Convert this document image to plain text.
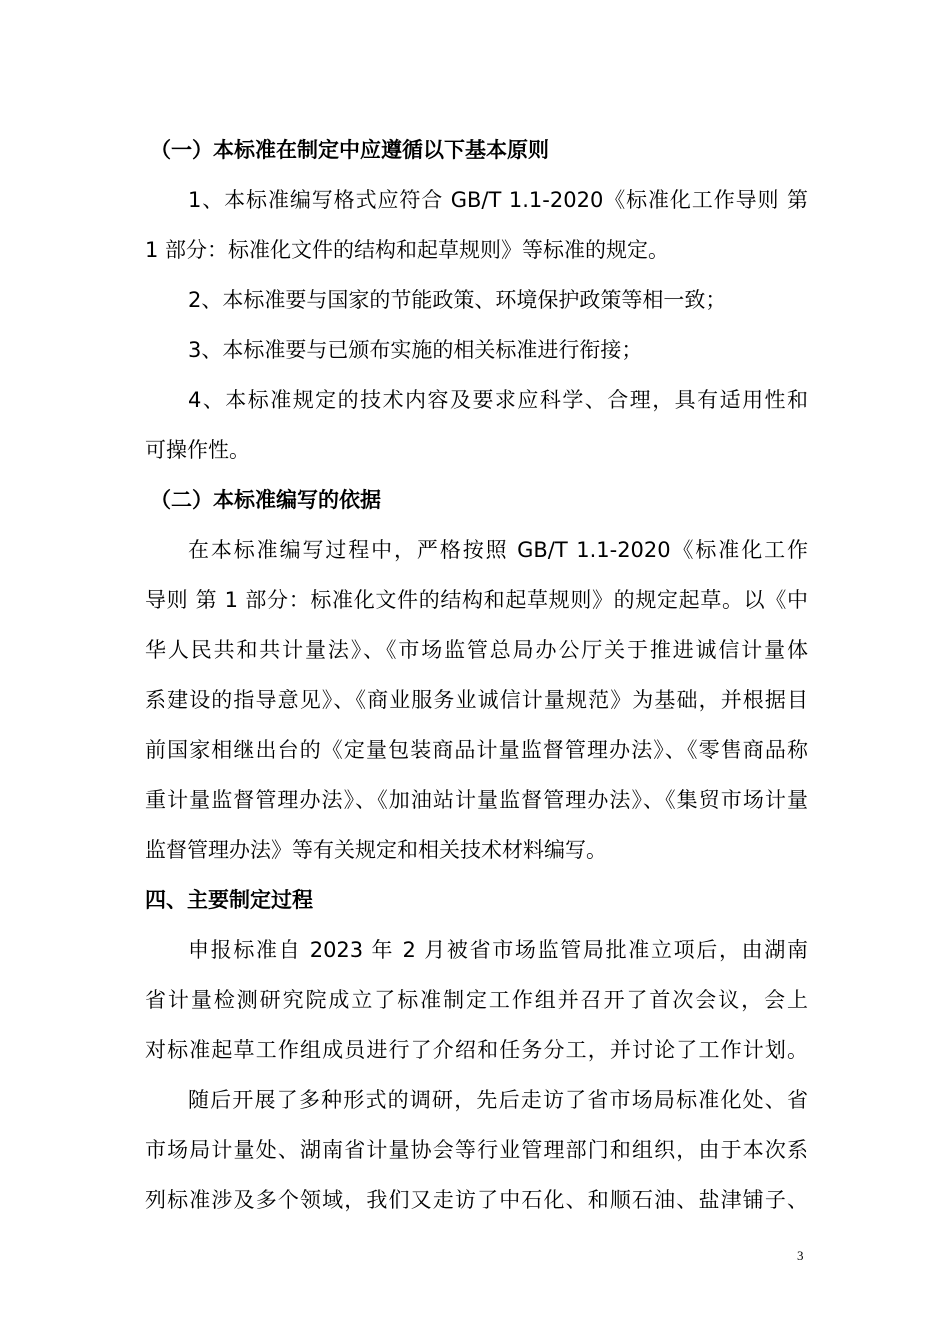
（一）本标准在制定中应遵循以下基本原则
1、本标准编写格式应符合 GB/T 1.1-2020《标准化工作导则 第
1 部分：标准化文件的结构和起草规则》等标准的规定。
2、本标准要与国家的节能政策、环境保护政策等相一致；
3、本标准要与已颁布实施的相关标准进行衔接；
4、本标准规定的技术内容及要求应科学、合理，具有适用性和
可操作性。
（二）本标准编写的依据
在本标准编写过程中，严格按照 GB/T 1.1-2020《标准化工作
导则 第 1 部分：标准化文件的结构和起草规则》的规定起草。以《中
华人民共和共计量法》、《市场监管总局办公厅关于推进诚信计量体
系建设的指导意见》、《商业服务业诚信计量规范》为基础，并根据目
前国家相继出台的《定量包装商品计量监督管理办法》、《零售商品称
重计量监督管理办法》、《加油站计量监督管理办法》、《集贸市场计量
监督管理办法》等有关规定和相关技术材料编写。
四、主要制定过程
申报标准自 2023 年 2 月被省市场监管局批准立项后，由湖南
省计量检测研究院成立了标准制定工作组并召开了首次会议，会上
对标准起草工作组成员进行了介绍和任务分工，并讨论了工作计划。
随后开展了多种形式的调研，先后走访了省市场局标准化处、省
市场局计量处、湖南省计量协会等行业管理部门和组织，由于本次系
列标准涉及多个领域，我们又走访了中石化、和顺石油、盐津铺子、
3
